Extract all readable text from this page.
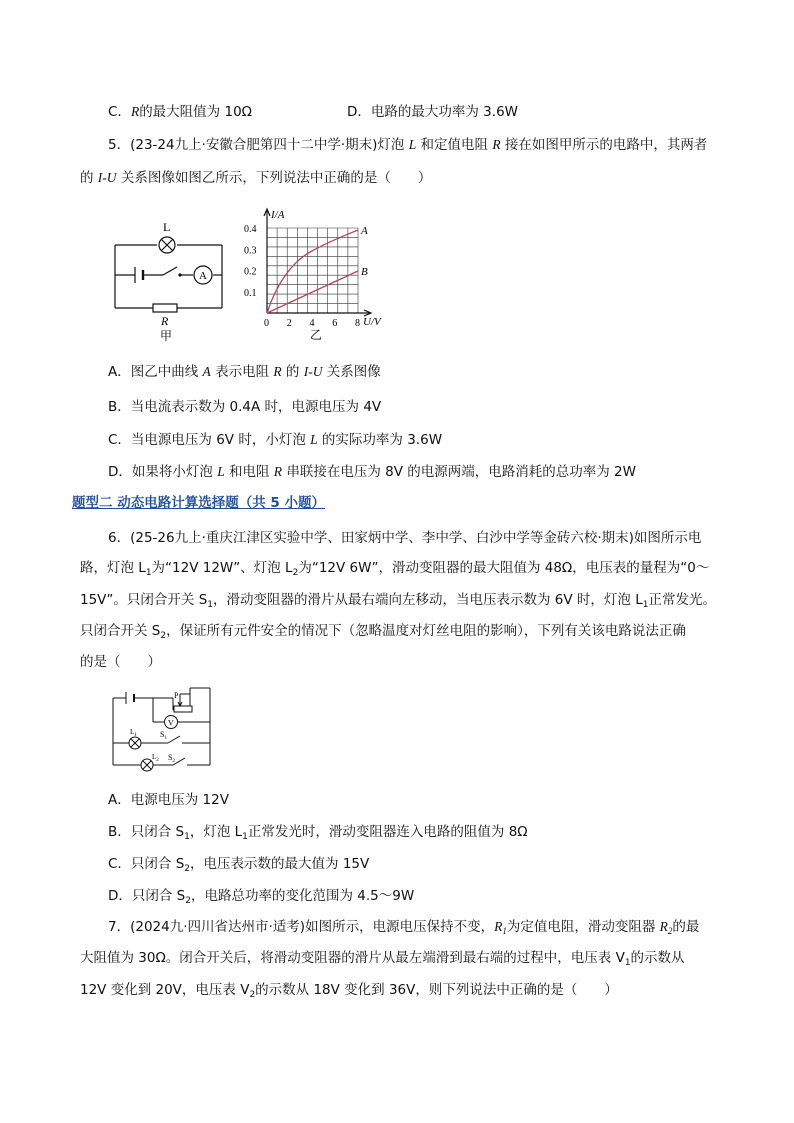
C．R的最大阻值为 10Ω	D．电路的最大功率为 3.6W
5．(23-24九上·安徽合肥第四十二中学·期末)灯泡 L 和定值电阻 R 接在如图甲所示的电路中，其两者
的 I-U 关系图像如图乙所示，下列说法中正确的是（　　）
L
A
R
甲
I/A
U/V
0.4
0.3
0.2
0.1
0 2 4 6 8
A
B
乙
A．图乙中曲线 A 表示电阻 R 的 I-U 关系图像
B．当电流表示数为 0.4A 时，电源电压为 4V
C．当电源电压为 6V 时，小灯泡 L 的实际功率为 3.6W
D．如果将小灯泡 L 和电阻 R 串联接在电压为 8V 的电源两端，电路消耗的总功率为 2W
题型二 动态电路计算选择题（共 5 小题）
6．(25-26九上·重庆江津区实验中学、田家炳中学、李中学、白沙中学等金砖六校·期末)如图所示电
路，灯泡 $L_1$为“12V 12W”、灯泡 $L_2$为“12V 6W”，滑动变阻器的最大阻值为 48Ω，电压表的量程为“0～
15V”。只闭合开关 $S_1$，滑动变阻器的滑片从最右端向左移动，当电压表示数为 6V 时，灯泡 $L_1$正常发光。
只闭合开关 $S_2$，保证所有元件安全的情况下（忽略温度对灯丝电阻的影响），下列有关该电路说法正确
的是（　　）
P
V
$L_1$	$S_1$
$L_2$ $S_2$
A．电源电压为 12V
B．只闭合 $S_1$，灯泡 $L_1$正常发光时，滑动变阻器连入电路的阻值为 8Ω
C．只闭合 $S_2$，电压表示数的最大值为 15V
D．只闭合 $S_2$，电路总功率的变化范围为 4.5～9W
7．(2024九·四川省达州市·适考)如图所示，电源电压保持不变，$R_1$为定值电阻，滑动变阻器 $R_2$的最
大阻值为 30Ω。闭合开关后，将滑动变阻器的滑片从最左端滑到最右端的过程中，电压表 $V_1$的示数从
12V 变化到 20V，电压表 $V_2$的示数从 18V 变化到 36V，则下列说法中正确的是（　　）
